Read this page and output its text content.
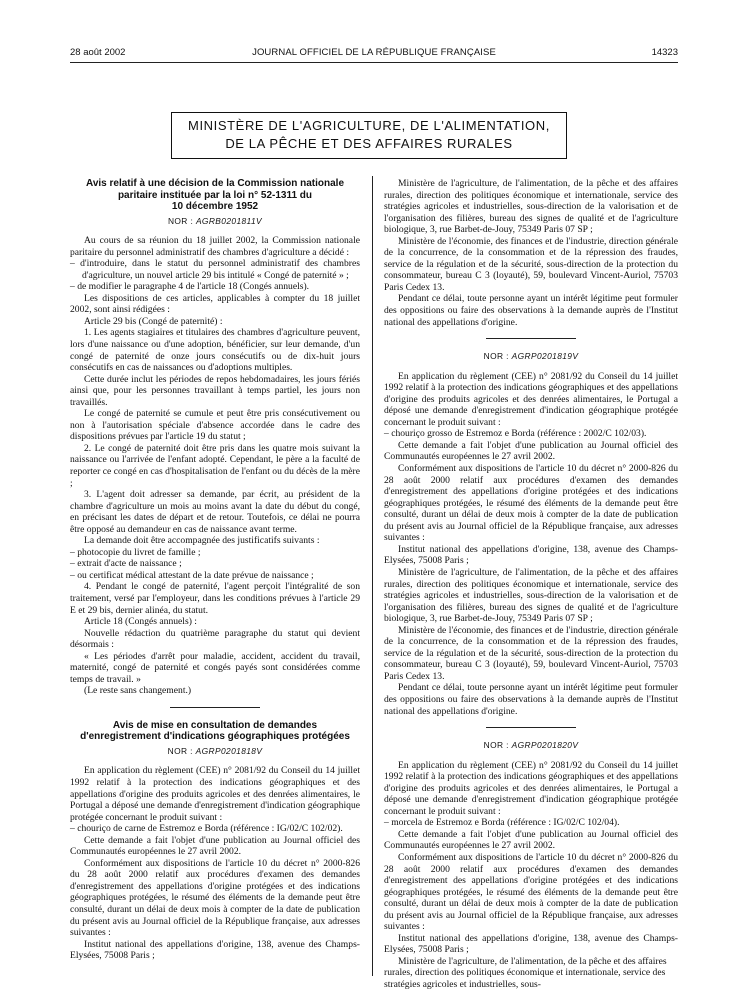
28 août 2002	JOURNAL OFFICIEL DE LA RÉPUBLIQUE FRANÇAISE	14323
MINISTÈRE DE L'AGRICULTURE, DE L'ALIMENTATION,
DE LA PÊCHE ET DES AFFAIRES RURALES
Avis relatif à une décision de la Commission nationale
paritaire instituée par la loi n° 52-1311 du
10 décembre 1952
NOR : AGRB0201811V

Au cours de sa réunion du 18 juillet 2002, la Commission nationale paritaire du personnel administratif des chambres d'agriculture a décidé :

– d'introduire, dans le statut du personnel administratif des chambres d'agriculture, un nouvel article 29 bis intitulé « Congé de paternité » ;

– de modifier le paragraphe 4 de l'article 18 (Congés annuels).

Les dispositions de ces articles, applicables à compter du 18 juillet 2002, sont ainsi rédigées :

Article 29 bis (Congé de paternité) :

1. Les agents stagiaires et titulaires des chambres d'agriculture peuvent, lors d'une naissance ou d'une adoption, bénéficier, sur leur demande, d'un congé de paternité de onze jours consécutifs ou de dix-huit jours consécutifs en cas de naissances ou d'adoptions multiples.

Cette durée inclut les périodes de repos hebdomadaires, les jours fériés ainsi que, pour les personnes travaillant à temps partiel, les jours non travaillés.

Le congé de paternité se cumule et peut être pris consécutivement ou non à l'autorisation spéciale d'absence accordée dans le cadre des dispositions prévues par l'article 19 du statut ;

2. Le congé de paternité doit être pris dans les quatre mois suivant la naissance ou l'arrivée de l'enfant adopté. Cependant, le père a la faculté de reporter ce congé en cas d'hospitalisation de l'enfant ou du décès de la mère ;

3. L'agent doit adresser sa demande, par écrit, au président de la chambre d'agriculture un mois au moins avant la date du début du congé, en précisant les dates de départ et de retour. Toutefois, ce délai ne pourra être opposé au demandeur en cas de naissance avant terme.

La demande doit être accompagnée des justificatifs suivants :

– photocopie du livret de famille ;

– extrait d'acte de naissance ;

– ou certificat médical attestant de la date prévue de naissance ;

4. Pendant le congé de paternité, l'agent perçoit l'intégralité de son traitement, versé par l'employeur, dans les conditions prévues à l'article 29 E et 29 bis, dernier alinéa, du statut.

Article 18 (Congés annuels) :

Nouvelle rédaction du quatrième paragraphe du statut qui devient désormais :

« Les périodes d'arrêt pour maladie, accident, accident du travail, maternité, congé de paternité et congés payés sont considérées comme temps de travail. »

(Le reste sans changement.)

Avis de mise en consultation de demandes
d'enregistrement d'indications géographiques protégées
NOR : AGRP0201818V

En application du règlement (CEE) n° 2081/92 du Conseil du 14 juillet 1992 relatif à la protection des indications géographiques et des appellations d'origine des produits agricoles et des denrées alimentaires, le Portugal a déposé une demande d'enregistrement d'indication géographique protégée concernant le produit suivant :

– chouriço de carne de Estremoz e Borda (référence : IG/02/C 102/02).

Cette demande a fait l'objet d'une publication au Journal officiel des Communautés européennes le 27 avril 2002.

Conformément aux dispositions de l'article 10 du décret n° 2000-826 du 28 août 2000 relatif aux procédures d'examen des demandes d'enregistrement des appellations d'origine protégées et des indications géographiques protégées, le résumé des éléments de la demande peut être consulté, durant un délai de deux mois à compter de la date de publication du présent avis au Journal officiel de la République française, aux adresses suivantes :

Institut national des appellations d'origine, 138, avenue des Champs-Elysées, 75008 Paris ;

Ministère de l'agriculture, de l'alimentation, de la pêche et des affaires rurales, direction des politiques économique et internationale, service des stratégies agricoles et industrielles, sous-direction de la valorisation et de l'organisation des filières, bureau des signes de qualité et de l'agriculture biologique, 3, rue Barbet-de-Jouy, 75349 Paris 07 SP ;

Ministère de l'économie, des finances et de l'industrie, direction générale de la concurrence, de la consommation et de la répression des fraudes, service de la régulation et de la sécurité, sous-direction de la protection du consommateur, bureau C 3 (loyauté), 59, boulevard Vincent-Auriol, 75703 Paris Cedex 13.

Pendant ce délai, toute personne ayant un intérêt légitime peut formuler des oppositions ou faire des observations à la demande auprès de l'Institut national des appellations d'origine.

NOR : AGRP0201819V

En application du règlement (CEE) n° 2081/92 du Conseil du 14 juillet 1992 relatif à la protection des indications géographiques et des appellations d'origine des produits agricoles et des denrées alimentaires, le Portugal a déposé une demande d'enregistrement d'indication géographique protégée concernant le produit suivant :

– chouriço grosso de Estremoz e Borda (référence : 2002/C 102/03).

Cette demande a fait l'objet d'une publication au Journal officiel des Communautés européennes le 27 avril 2002.

Conformément aux dispositions de l'article 10 du décret n° 2000-826 du 28 août 2000 relatif aux procédures d'examen des demandes d'enregistrement des appellations d'origine protégées et des indications géographiques protégées, le résumé des éléments de la demande peut être consulté, durant un délai de deux mois à compter de la date de publication du présent avis au Journal officiel de la République française, aux adresses suivantes :

Institut national des appellations d'origine, 138, avenue des Champs-Elysées, 75008 Paris ;

Ministère de l'agriculture, de l'alimentation, de la pêche et des affaires rurales, direction des politiques économique et internationale, service des stratégies agricoles et industrielles, sous-direction de la valorisation et de l'organisation des filières, bureau des signes de qualité et de l'agriculture biologique, 3, rue Barbet-de-Jouy, 75349 Paris 07 SP ;

Ministère de l'économie, des finances et de l'industrie, direction générale de la concurrence, de la consommation et de la répression des fraudes, service de la régulation et de la sécurité, sous-direction de la protection du consommateur, bureau C 3 (loyauté), 59, boulevard Vincent-Auriol, 75703 Paris Cedex 13.

Pendant ce délai, toute personne ayant un intérêt légitime peut formuler des oppositions ou faire des observations à la demande auprès de l'Institut national des appellations d'origine.

NOR : AGRP0201820V

En application du règlement (CEE) n° 2081/92 du Conseil du 14 juillet 1992 relatif à la protection des indications géographiques et des appellations d'origine des produits agricoles et des denrées alimentaires, le Portugal a déposé une demande d'enregistrement d'indication géographique protégée concernant le produit suivant :

– morcela de Estremoz e Borda (référence : IG/02/C 102/04).

Cette demande a fait l'objet d'une publication au Journal officiel des Communautés européennes le 27 avril 2002.

Conformément aux dispositions de l'article 10 du décret n° 2000-826 du 28 août 2000 relatif aux procédures d'examen des demandes d'enregistrement des appellations d'origine protégées et des indications géographiques protégées, le résumé des éléments de la demande peut être consulté, durant un délai de deux mois à compter de la date de publication du présent avis au Journal officiel de la République française, aux adresses suivantes :

Institut national des appellations d'origine, 138, avenue des Champs-Elysées, 75008 Paris ;

Ministère de l'agriculture, de l'alimentation, de la pêche et des affaires rurales, direction des politiques économique et internationale, service des stratégies agricoles et industrielles, sous-
